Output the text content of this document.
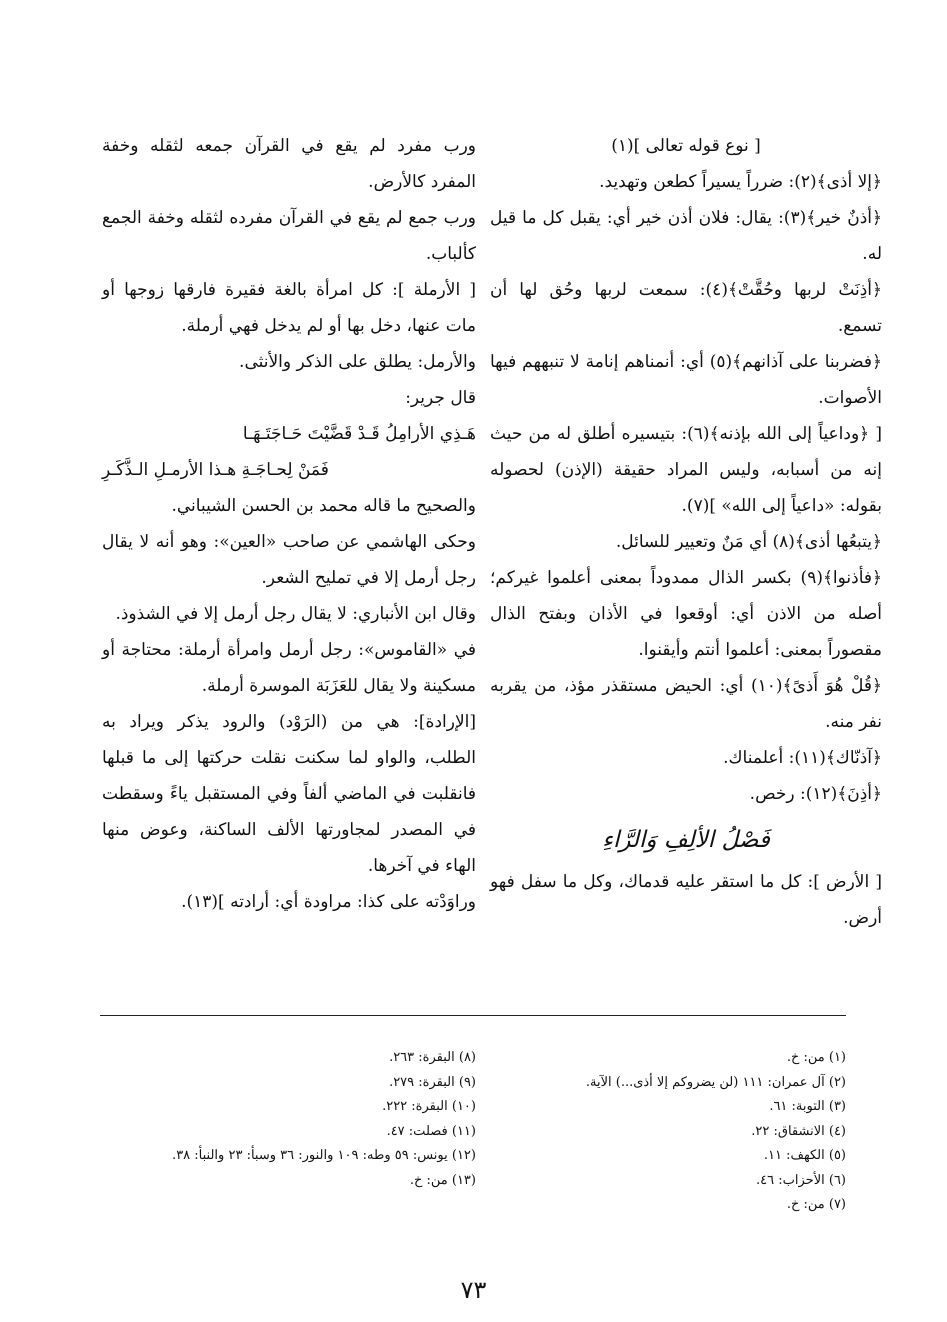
[ نوع قوله تعالى ](١)

﴿إلا أذى﴾(٢): ضرراً يسيراً كطعن وتهديد.

﴿أذنٌ خير﴾(٣): يقال: فلان أذن خير أي: يقبل كل ما قيل له.

﴿أذِنَتْ لربها وحُقَّتْ﴾(٤): سمعت لربها وحُق لها أن تسمع.

﴿فضربنا على آذانهم﴾(٥) أي: أنمناهم إنامة لا تنبههم فيها الأصوات.

[ ﴿وداعياً إلى الله بإذنه﴾(٦): بتيسيره أطلق له من حيث إنه من أسبابه، وليس المراد حقيقة (الإذن) لحصوله بقوله: «داعياً إلى الله» ](٧).

﴿يتبعُها أذى﴾(٨) أي مَنٌ وتعيير للسائل.

﴿فأذنوا﴾(٩) بكسر الذال ممدوداً بمعنى أعلموا غيركم؛ أصله من الاذن أي: أوقعوا في الأذان وبفتح الذال مقصوراً بمعنى: أعلموا أنتم وأيقنوا.

﴿قُلْ هُوَ أَذىً﴾(١٠) أي: الحيض مستقذر مؤذ، من يقربه نفر منه.

﴿آذنّاك﴾(١١): أعلمناك.

﴿أذِنَ﴾(١٢): رخص.

فَصْلُ الألِفِ وَالرَّاءِ

[ الأرض ]: كل ما استقر عليه قدماك، وكل ما سفل فهو أرض.

ورب مفرد لم يقع في القرآن جمعه لثقله وخفة المفرد كالأرض.

ورب جمع لم يقع في القرآن مفرده لثقله وخفة الجمع كألباب.

[ الأرملة ]: كل امرأة بالغة فقيرة فارقها زوجها أو مات عنها، دخل بها أو لم يدخل فهي أرملة.

والأرمل: يطلق على الذكر والأنثى.

قال جرير:

هَـذِي الأرامِلُ قَـدْ قَضَّيْتَ حَـاجَتَـهَـا

فَمَنْ لِحـاجَـةِ هـذا الأرمـلِ الـذَّكَـرِ

والصحيح ما قاله محمد بن الحسن الشيباني.

وحكى الهاشمي عن صاحب «العين»: وهو أنه لا يقال رجل أرمل إلا في تمليح الشعر.

وقال ابن الأنباري: لا يقال رجل أرمل إلا في الشذوذ.

في «القاموس»: رجل أرمل وامرأة أرملة: محتاجة أو مسكينة ولا يقال للعَزَبَة الموسرة أرملة.

[الإرادة]: هي من (الرَوْد) والرود يذكر ويراد به الطلب، والواو لما سكنت نقلت حركتها إلى ما قبلها فانقلبت في الماضي ألفاً وفي المستقبل ياءً وسقطت في المصدر لمجاورتها الألف الساكنة، وعوض منها الهاء في آخرها.

وراوَدْته على كذا: مراودة أي: أرادته ](١٣).

(١) من: خ.
(٢) آل عمران: ١١١ (لن يضروكم إلا أذى...) الآية.
(٣) التوبة: ٦١.
(٤) الانشقاق: ٢٢.
(٥) الكهف: ١١.
(٦) الأحزاب: ٤٦.
(٧) من: خ.
(٨) البقرة: ٢٦٣.
(٩) البقرة: ٢٧٩.
(١٠) البقرة: ٢٢٢.
(١١) فصلت: ٤٧.
(١٢) يونس: ٥٩ وطه: ١٠٩ والنور: ٣٦ وسبأ: ٢٣ والنبأ: ٣٨.
(١٣) من: خ.
٧٣
